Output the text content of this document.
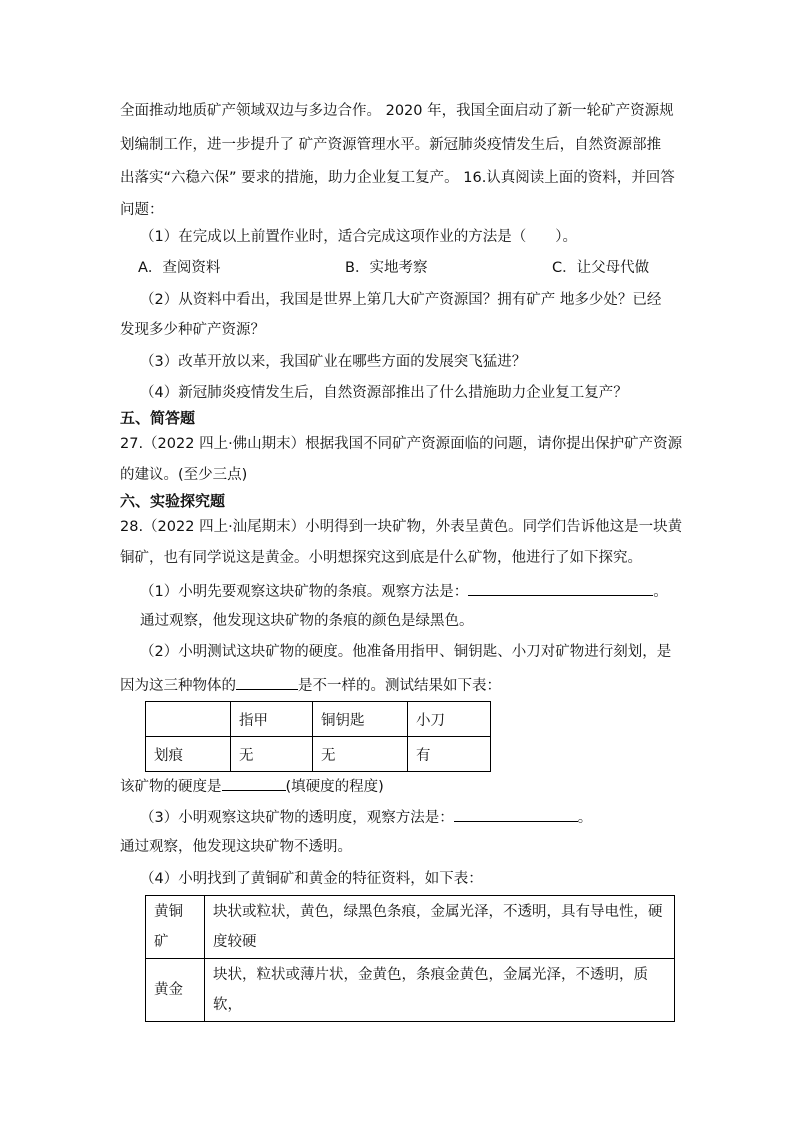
全面推动地质矿产领域双边与多边合作。 2020 年，我国全面启动了新一轮矿产资源规
划编制工作，进一步提升了 矿产资源管理水平。新冠肺炎疫情发生后，自然资源部推
出落实“六稳六保” 要求的措施，助力企业复工复产。 16.认真阅读上面的资料，并回答
问题：
（1）在完成以上前置作业时，适合完成这项作业的方法是（　　）。
A．查阅资料	B．实地考察	C．让父母代做
（2）从资料中看出，我国是世界上第几大矿产资源国？拥有矿产 地多少处？已经
发现多少种矿产资源？
（3）改革开放以来，我国矿业在哪些方面的发展突飞猛进？
（4）新冠肺炎疫情发生后，自然资源部推出了什么措施助力企业复工复产？
五、简答题
27.（2022 四上·佛山期末）根据我国不同矿产资源面临的问题，请你提出保护矿产资源
的建议。(至少三点)
六、实验探究题
28.（2022 四上·汕尾期末）小明得到一块矿物，外表呈黄色。同学们告诉他这是一块黄
铜矿，也有同学说这是黄金。小明想探究这到底是什么矿物，他进行了如下探究。
（1）小明先要观察这块矿物的条痕。观察方法是：	。
通过观察，他发现这块矿物的条痕的颜色是绿黑色。
（2）小明测试这块矿物的硬度。他准备用指甲、铜钥匙、小刀对矿物进行刻划，是
因为这三种物体的	是不一样的。测试结果如下表：
	指甲	铜钥匙	小刀
划痕	无	无	有
该矿物的硬度是	(填硬度的程度)
（3）小明观察这块矿物的透明度，观察方法是：	。
通过观察，他发现这块矿物不透明。
（4）小明找到了黄铜矿和黄金的特征资料，如下表：
黄铜矿	块状或粒状，黄色，绿黑色条痕，金属光泽，不透明，具有导电性，硬
度较硬

黄金	块状，粒状或薄片状，金黄色，条痕金黄色，金属光泽，不透明，质软，
